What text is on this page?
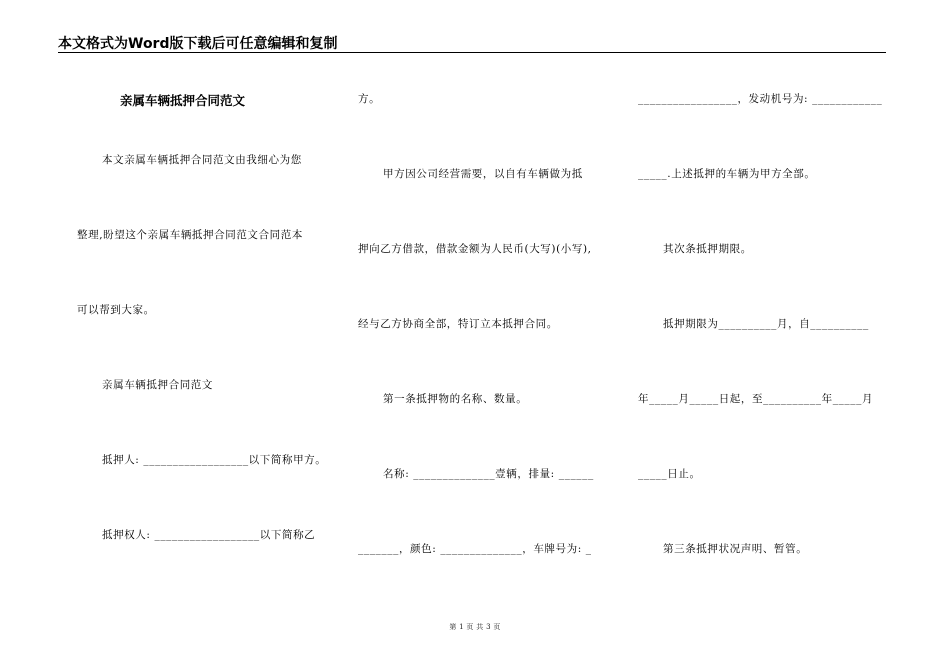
本文格式为Word版下载后可任意编辑和复制
亲属车辆抵押合同范文
本文亲属车辆抵押合同范文由我细心为您
整理,盼望这个亲属车辆抵押合同范文合同范本
可以帮到大家。
亲属车辆抵押合同范文
抵押人: __________________以下简称甲方。
抵押权人: __________________以下简称乙
方。
甲方因公司经营需要，以自有车辆做为抵
押向乙方借款，借款金额为人民币(大写)(小写),
经与乙方协商全部，特订立本抵押合同。
第一条抵押物的名称、数量。
名称: ______________壹辆，排量: ______
_______，颜色: ______________，车牌号为: _
_________________，发动机号为: ____________
_____.上述抵押的车辆为甲方全部。
其次条抵押期限。
抵押期限为__________月，自__________
年_____月_____日起，至__________年_____月
_____日止。
第三条抵押状况声明、暂管。
第 1 页 共 3 页
